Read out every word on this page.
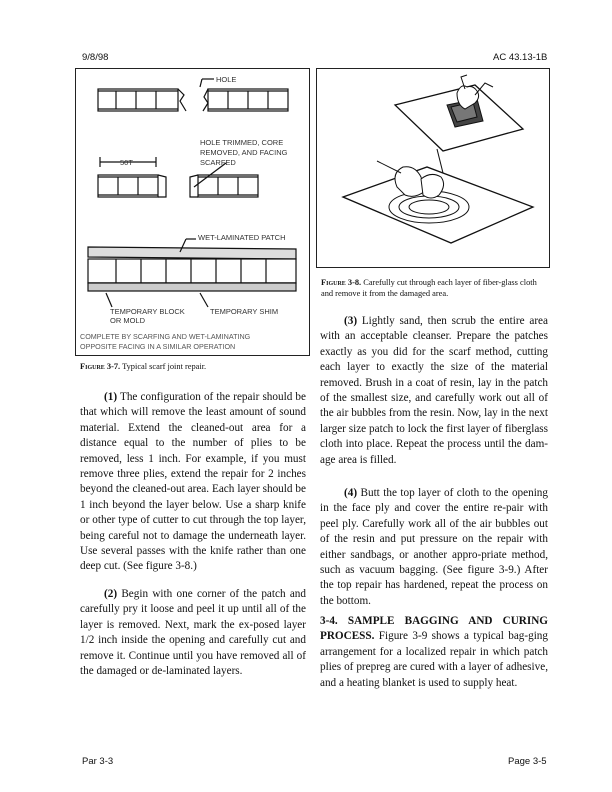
9/8/98	AC 43.13-1B
HOLE
50T
HOLE TRIMMED, CORE
REMOVED, AND FACING
SCARFED
WET-LAMINATED PATCH
TEMPORARY BLOCK
OR MOLD
TEMPORARY SHIM
COMPLETE BY SCARFING AND WET-LAMINATING
OPPOSITE FACING IN A SIMILAR OPERATION
Figure 3-7. Typical scarf joint repair.
Figure 3-8. Carefully cut through each layer of fiber-glass cloth and remove it from the damaged area.

(1) The configuration of the repair should be that which will remove the least amount of sound material. Extend the cleaned-out area for a distance equal to the number of plies to be removed, less 1 inch. For example, if you must remove three plies, extend the repair for 2 inches beyond the cleaned-out area. Each layer should be 1 inch beyond the layer below. Use a sharp knife or other type of cutter to cut through the top layer, being careful not to damage the underneath layer. Use several passes with the knife rather than one deep cut. (See figure 3-8.)

(2) Begin with one corner of the patch and carefully pry it loose and peel it up until all of the layer is removed. Next, mark the ex-posed layer 1/2 inch inside the opening and carefully cut and remove it. Continue until you have removed all of the damaged or de-laminated layers.

(3) Lightly sand, then scrub the entire area with an acceptable cleanser. Prepare the patches exactly as you did for the scarf method, cutting each layer to exactly the size of the material removed. Brush in a coat of resin, lay in the patch of the smallest size, and carefully work out all of the air bubbles from the resin. Now, lay in the next larger size patch to lock the first layer of fiberglass cloth into place. Repeat the process until the dam-age area is filled.

(4) Butt the top layer of cloth to the opening in the face ply and cover the entire re-pair with peel ply. Carefully work all of the air bubbles out of the resin and put pressure on the repair with either sandbags, or another appro-priate method, such as vacuum bagging. (See figure 3-9.) After the top repair has hardened, repeat the process on the bottom.

3-4. SAMPLE BAGGING AND CURING PROCESS. Figure 3-9 shows a typical bag-ging arrangement for a localized repair in which patch plies of prepreg are cured with a layer of adhesive, and a heating blanket is used to supply heat.

Par 3-3	Page 3-5
